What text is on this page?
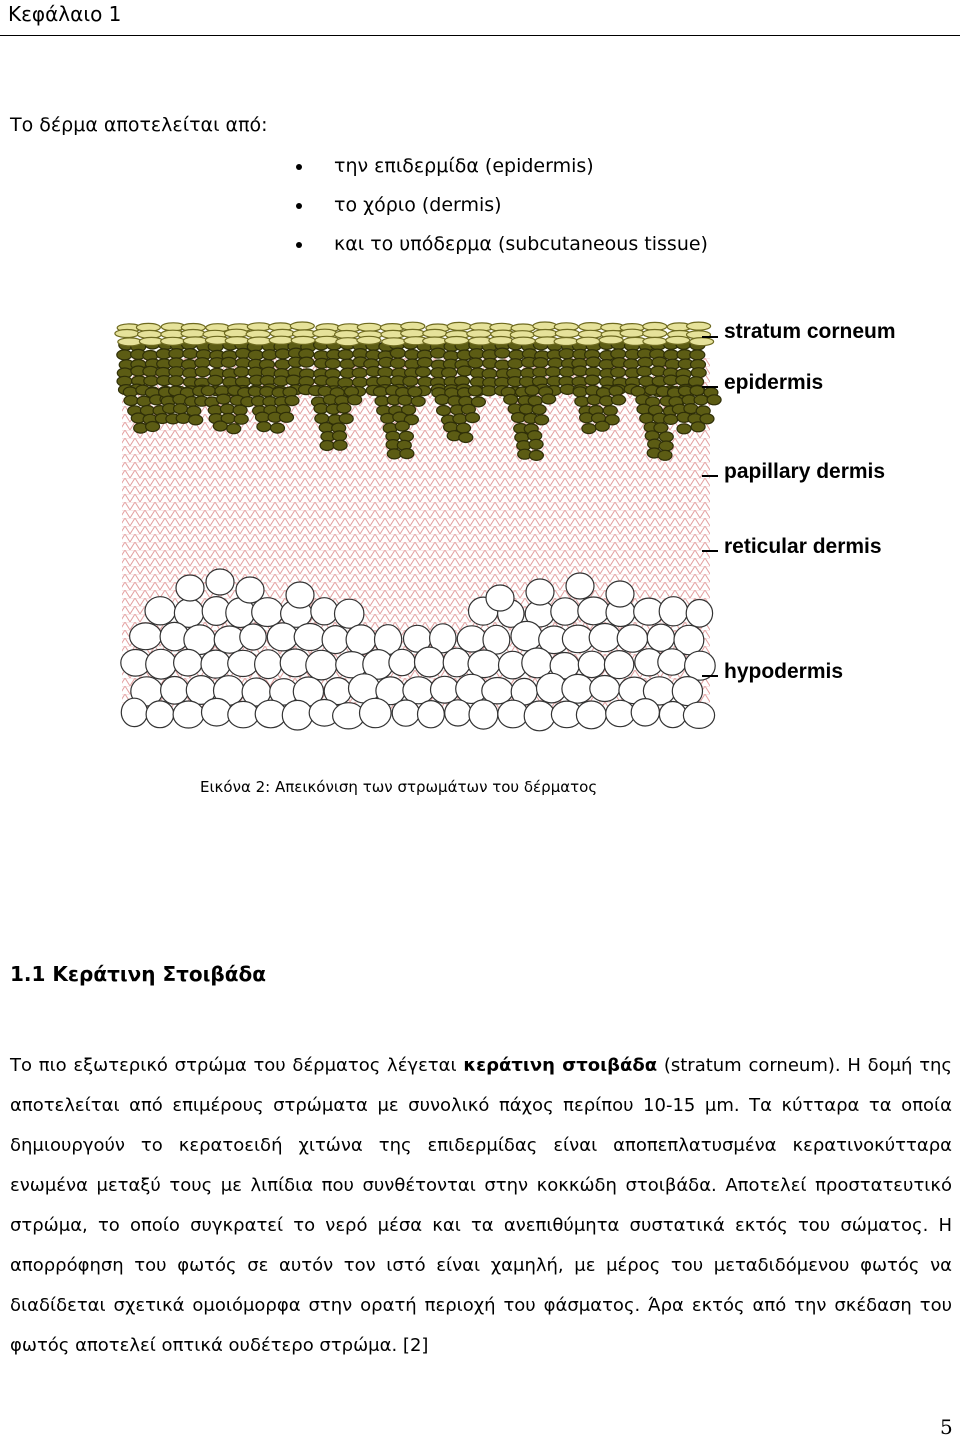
Κεφάλαιο 1
Το δέρμα αποτελείται από:
την επιδερμίδα (epidermis)
το χόριο (dermis)
και το υπόδερμα (subcutaneous tissue)
stratum corneum
epidermis
papillary dermis
reticular dermis
hypodermis
Εικόνα 2: Απεικόνιση των στρωμάτων του δέρματος
1.1 Κεράτινη Στοιβάδα
Το πιο εξωτερικό στρώμα του δέρματος λέγεται κεράτινη στοιβάδα (stratum corneum). Η δομή της αποτελείται από επιμέρους στρώματα με συνολικό πάχος περίπου 10-15 μm. Τα κύτταρα τα οποία δημιουργούν το κερατοειδή χιτώνα της επιδερμίδας είναι αποπεπλατυσμένα κερατινοκύτταρα ενωμένα μεταξύ τους με λιπίδια που συνθέτονται στην κοκκώδη στοιβάδα. Αποτελεί προστατευτικό στρώμα, το οποίο συγκρατεί το νερό μέσα και τα ανεπιθύμητα συστατικά εκτός του σώματος. Η απορρόφηση του φωτός σε αυτόν τον ιστό είναι χαμηλή, με μέρος του μεταδιδόμενου φωτός να διαδίδεται σχετικά ομοιόμορφα στην ορατή περιοχή του φάσματος. Άρα εκτός από την σκέδαση του φωτός αποτελεί οπτικά ουδέτερο στρώμα. [2]
5
